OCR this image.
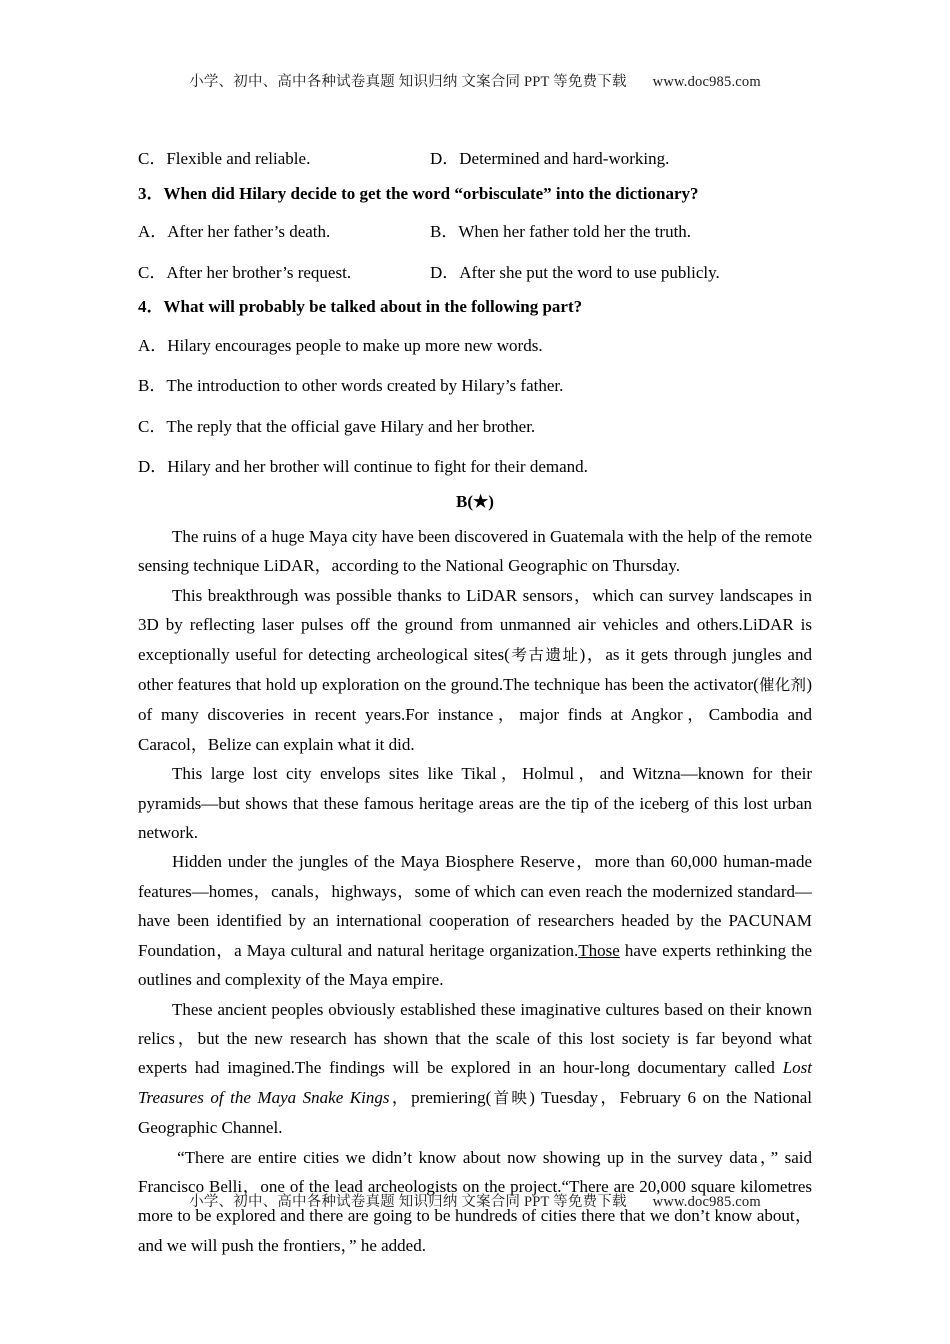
小学、初中、高中各种试卷真题 知识归纳 文案合同 PPT 等免费下载 www.doc985.com
C．Flexible and reliable.	D．Determined and hard-working.
3．When did Hilary decide to get the word “orbisculate” into the dictionary?
A．After her father’s death.	B．When her father told her the truth.
C．After her brother’s request.	D．After she put the word to use publicly.
4．What will probably be talked about in the following part?
A．Hilary encourages people to make up more new words.
B．The introduction to other words created by Hilary’s father.
C．The reply that the official gave Hilary and her brother.
D．Hilary and her brother will continue to fight for their demand.
B(★)

The ruins of a huge Maya city have been discovered in Guatemala with the help of the remote sensing technique LiDAR，according to the National Geographic on Thursday.

This breakthrough was possible thanks to LiDAR sensors，which can survey landscapes in 3D by reflecting laser pulses off the ground from unmanned air vehicles and others.LiDAR is exceptionally useful for detecting archeological sites(考古遗址)，as it gets through jungles and other features that hold up exploration on the ground.The technique has been the activator(催化剂) of many discoveries in recent years.For instance，major finds at Angkor，Cambodia and Caracol，Belize can explain what it did.

This large lost city envelops sites like Tikal，Holmul，and Witzna—known for their pyramids—but shows that these famous heritage areas are the tip of the iceberg of this lost urban network.

Hidden under the jungles of the Maya Biosphere Reserve，more than 60,000 human-made features—homes，canals，highways，some of which can even reach the modernized standard—have been identified by an international cooperation of researchers headed by the PACUNAM Foundation，a Maya cultural and natural heritage organization.Those have experts rethinking the outlines and complexity of the Maya empire.

These ancient peoples obviously established these imaginative cultures based on their known relics，but the new research has shown that the scale of this lost society is far beyond what experts had imagined.The findings will be explored in an hour-long documentary called Lost Treasures of the Maya Snake Kings，premiering(首映) Tuesday，February 6 on the National Geographic Channel.

“There are entire cities we didn’t know about now showing up in the survey data，” said Francisco Belli，one of the lead archeologists on the project.“There are 20,000 square kilometres more to be explored and there are going to be hundreds of cities there that we don’t know about，and we will push the frontiers，” he added.

小学、初中、高中各种试卷真题 知识归纳 文案合同 PPT 等免费下载 www.doc985.com
